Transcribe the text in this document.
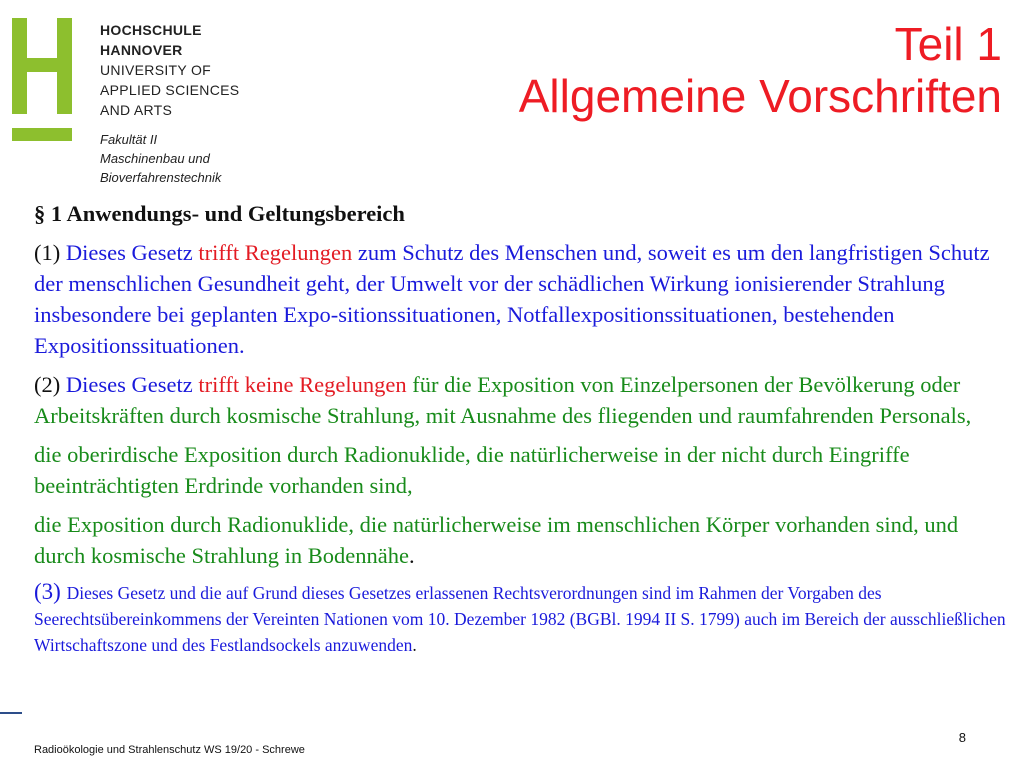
HOCHSCHULE
HANNOVER
UNIVERSITY OF
APPLIED SCIENCES
AND ARTS
Fakultät II
Maschinenbau und
Bioverfahrenstechnik
Teil 1
Allgemeine Vorschriften

§ 1 Anwendungs- und Geltungsbereich

(1) Dieses Gesetz trifft Regelungen zum Schutz des Menschen und, soweit es um den langfristigen Schutz der menschlichen Gesundheit geht, der Umwelt vor der schädlichen Wirkung ionisierender Strahlung insbesondere bei geplanten Expo-sitionssituationen, Notfallexpositionssituationen, bestehenden Expositionssituationen.

(2) Dieses Gesetz trifft keine Regelungen für die Exposition von Einzelpersonen der Bevölkerung oder Arbeitskräften durch kosmische Strahlung, mit Ausnahme des fliegenden und raumfahrenden Personals,

die oberirdische Exposition durch Radionuklide, die natürlicherweise in der nicht durch Eingriffe beeinträchtigten Erdrinde vorhanden sind,

die Exposition durch Radionuklide, die natürlicherweise im menschlichen Körper vorhanden sind, und durch kosmische Strahlung in Bodennähe.

(3) Dieses Gesetz und die auf Grund dieses Gesetzes erlassenen Rechtsverordnungen sind im Rahmen der Vorgaben des Seerechtsübereinkommens der Vereinten Nationen vom 10. Dezember 1982 (BGBl. 1994 II S. 1799) auch im Bereich der ausschließlichen Wirtschaftszone und des Festlandsockels anzuwenden.

Radioökologie und Strahlenschutz WS 19/20 - Schrewe
8
